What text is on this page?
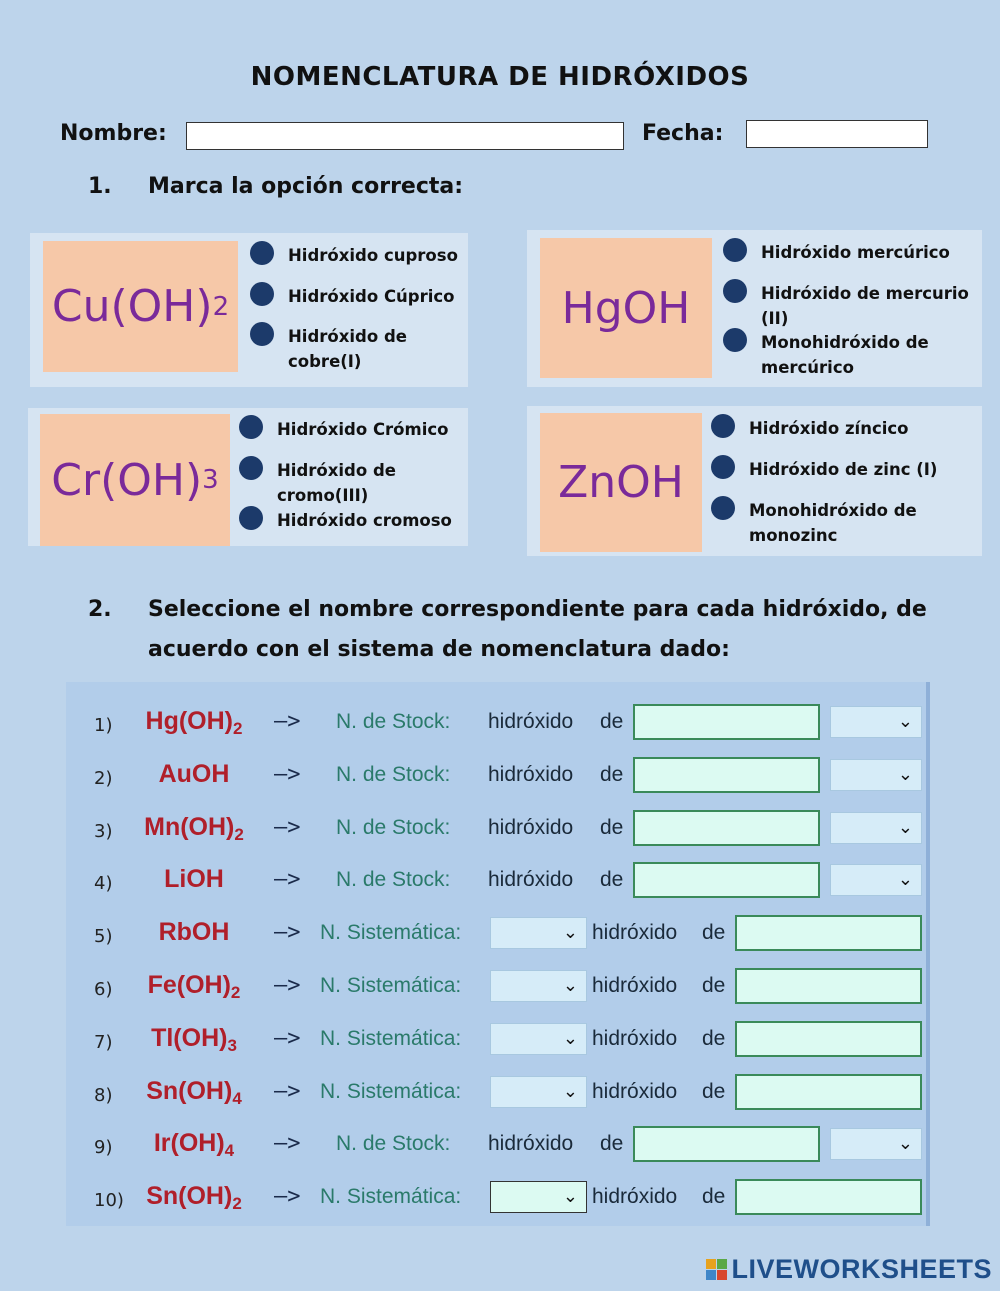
NOMENCLATURA DE HIDRÓXIDOS
Nombre:	Fecha:
1. Marca la opción correcta:
Cu(OH) 2
Hidróxido cuproso
Hidróxido Cúprico
Hidróxido de cobre(I)
HgOH
Hidróxido mercúrico
Hidróxido de mercurio (II)
Monohidróxido de mercúrico
Cr(OH) 3
Hidróxido Crómico
Hidróxido de cromo(III)
Hidróxido cromoso
ZnOH
Hidróxido zíncico
Hidróxido de zinc (I)
Monohidróxido de monozinc
2. Seleccione el nombre correspondiente para cada hidróxido, de
acuerdo con el sistema de nomenclatura dado:
1)	$Hg(OH)_2$	–> N. de Stock: hidróxido de	⌄
2)	AuOH	–> N. de Stock: hidróxido de	⌄
3)	$Mn(OH)_2$	–> N. de Stock: hidróxido de	⌄
4)	LiOH	–> N. de Stock: hidróxido de	⌄
5)	RbOH	–> N. Sistemática:	⌄ hidróxido de
6)	$Fe(OH)_2$	–> N. Sistemática:	⌄ hidróxido de
7)	$Tl(OH)_3$	–> N. Sistemática:	⌄ hidróxido de
8)	$Sn(OH)_4$	–> N. Sistemática:	⌄ hidróxido de
9)	$Ir(OH)_4$	–> N. de Stock: hidróxido de	⌄
10) $Sn(OH)_2$	–> N. Sistemática:	⌄ hidróxido de
LIVEWORKSHEETS
